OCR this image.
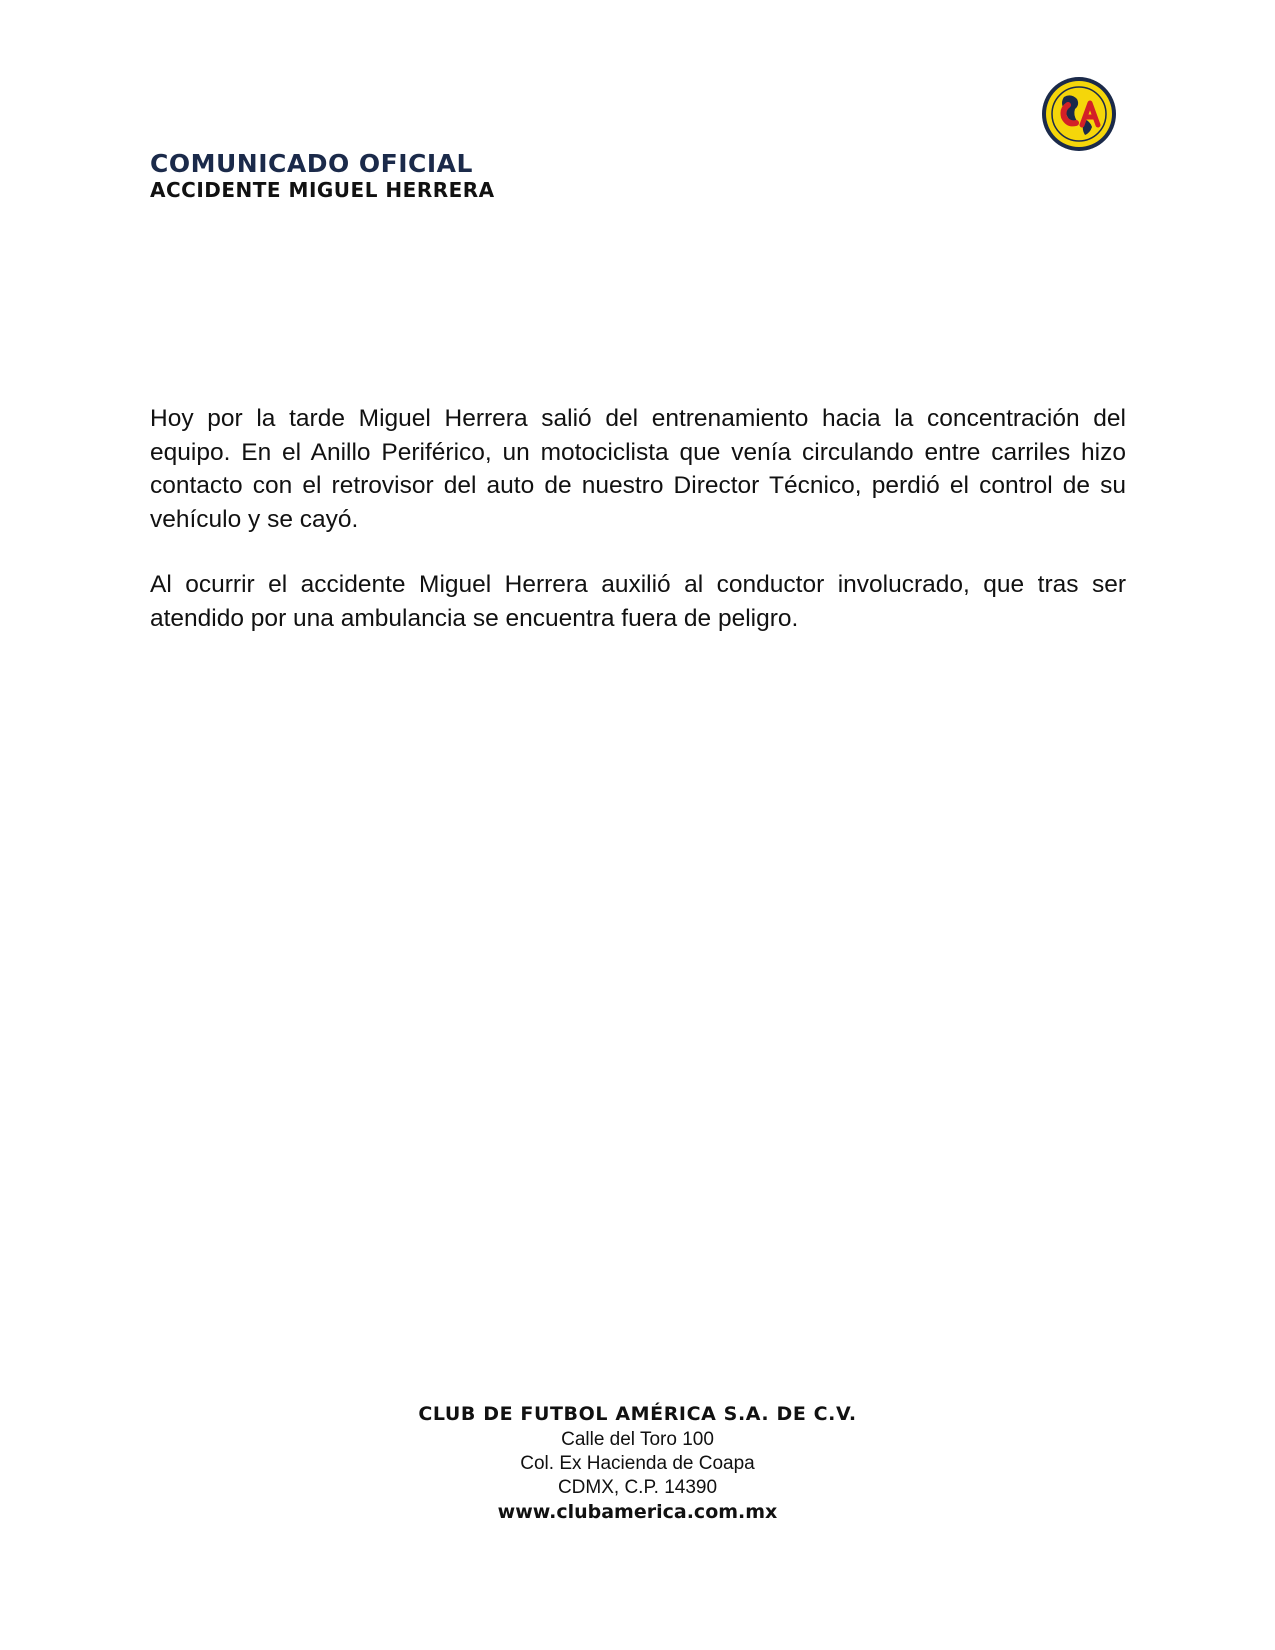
COMUNICADO OFICIAL
ACCIDENTE MIGUEL HERRERA

Hoy por la tarde Miguel Herrera salió del entrenamiento hacia la concentración del equipo. En el Anillo Periférico, un motociclista que venía circulando entre carriles hizo contacto con el retrovisor del auto de nuestro Director Técnico, perdió el control de su vehículo y se cayó.

Al ocurrir el accidente Miguel Herrera auxilió al conductor involucrado, que tras ser atendido por una ambulancia se encuentra fuera de peligro.

CLUB DE FUTBOL AMÉRICA S.A. DE C.V.
Calle del Toro 100
Col. Ex Hacienda de Coapa
CDMX, C.P. 14390
www.clubamerica.com.mx
